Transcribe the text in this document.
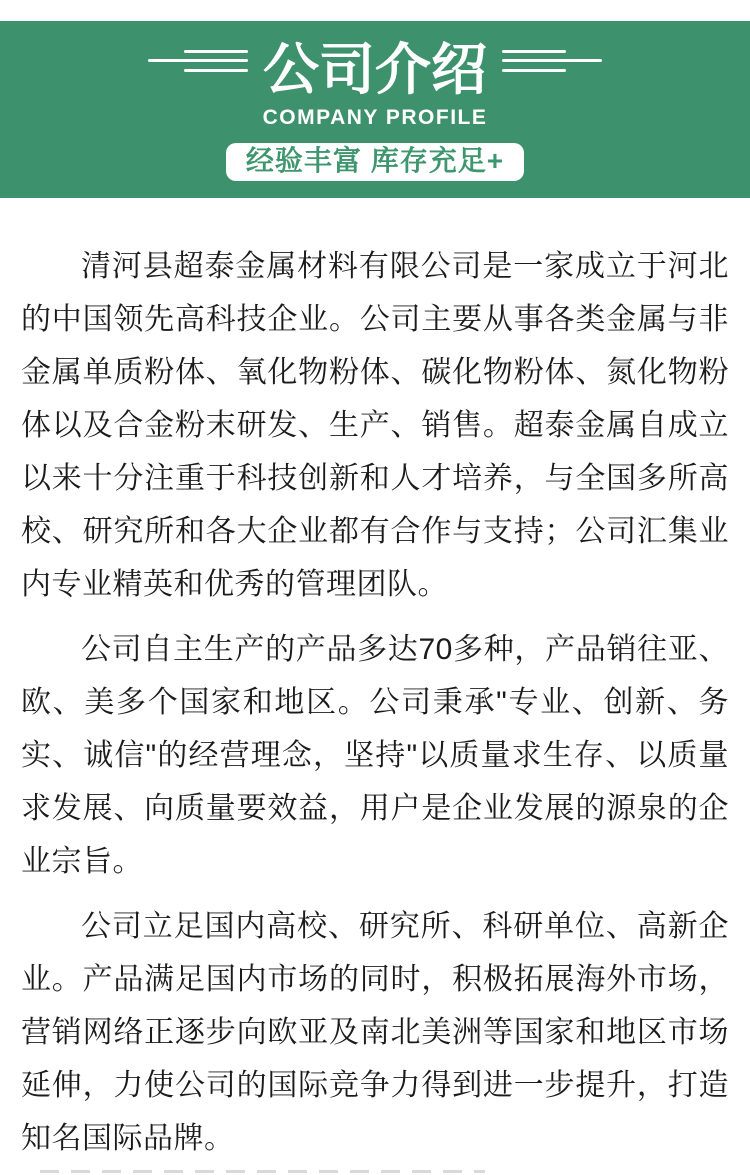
公司介绍
COMPANY PROFILE
经验丰富 库存充足+

清河县超泰金属材料有限公司是一家成立于河北的中国领先高科技企业。公司主要从事各类金属与非金属单质粉体、氧化物粉体、碳化物粉体、氮化物粉体以及合金粉末研发、生产、销售。超泰金属自成立以来十分注重于科技创新和人才培养，与全国多所高校、研究所和各大企业都有合作与支持；公司汇集业内专业精英和优秀的管理团队。

公司自主生产的产品多达70多种，产品销往亚、欧、美多个国家和地区。公司秉承"专业、创新、务实、诚信"的经营理念，坚持"以质量求生存、以质量求发展、向质量要效益，用户是企业发展的源泉的企业宗旨。

公司立足国内高校、研究所、科研单位、高新企业。产品满足国内市场的同时，积极拓展海外市场，营销网络正逐步向欧亚及南北美洲等国家和地区市场延伸，力使公司的国际竞争力得到进一步提升，打造知名国际品牌。
